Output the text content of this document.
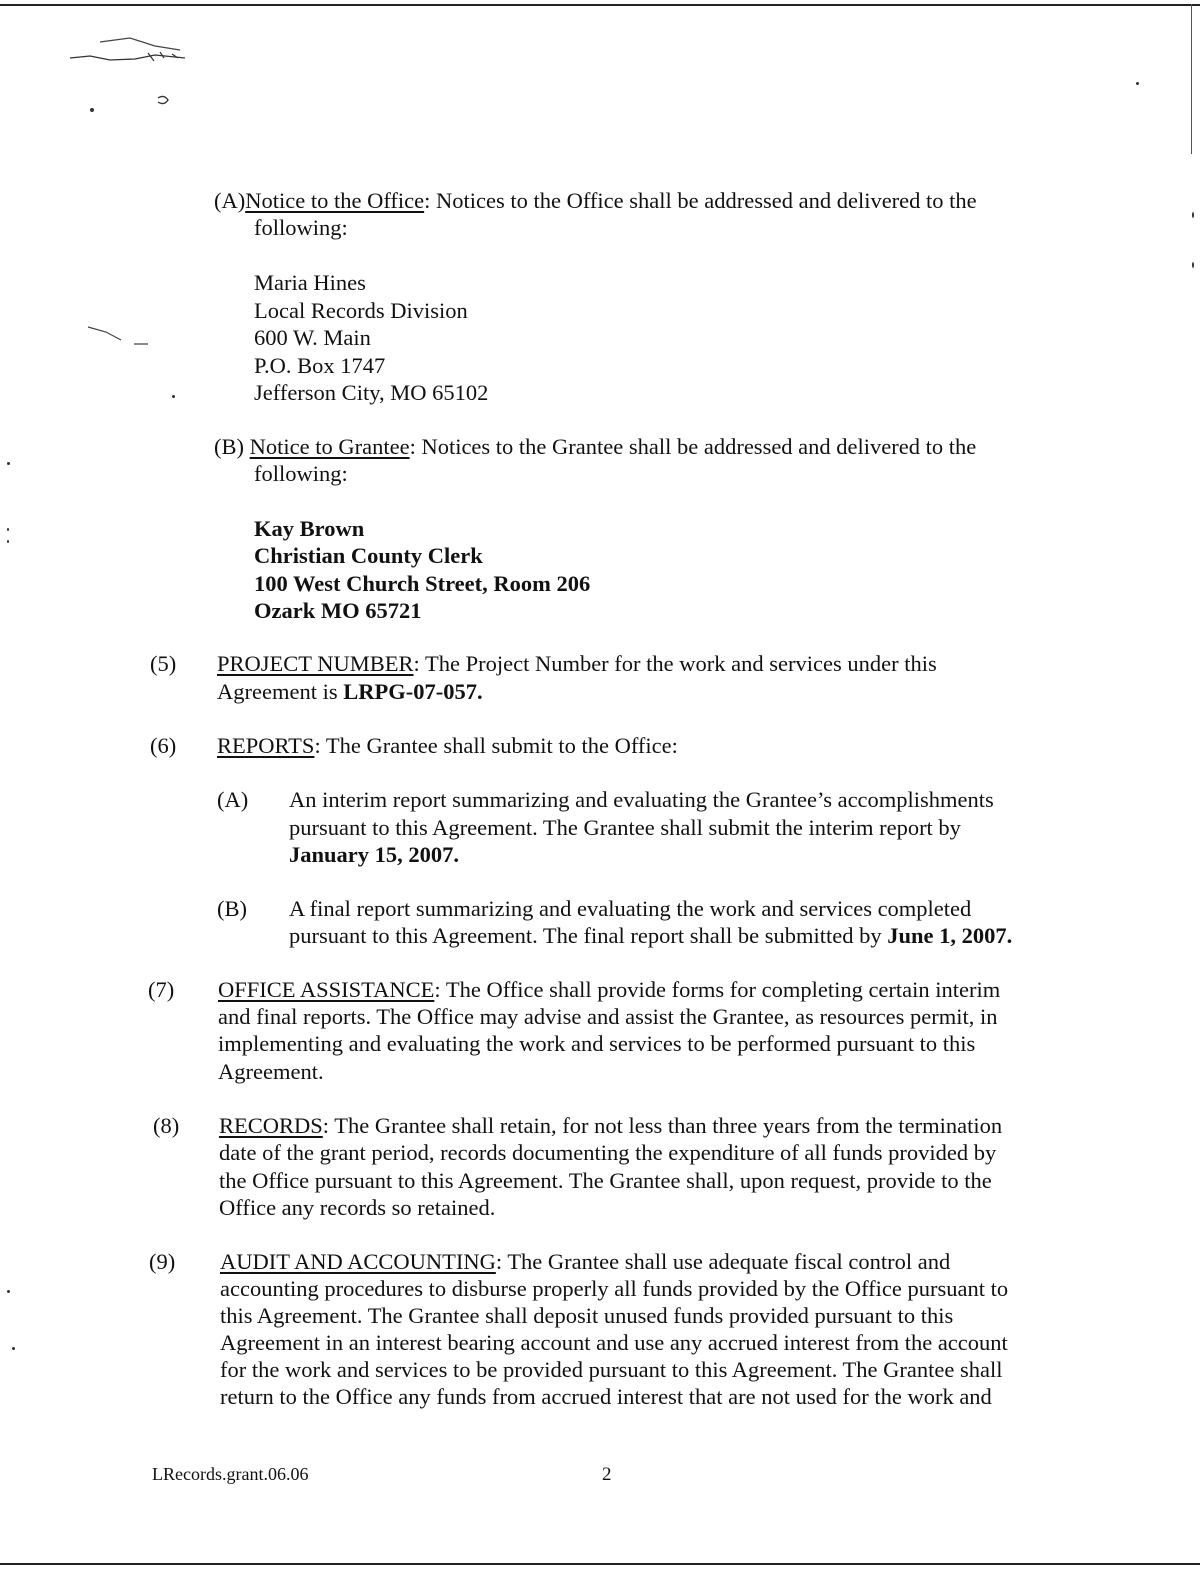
(A)Notice to the Office: Notices to the Office shall be addressed and delivered to the
following:
Maria Hines
Local Records Division
600 W. Main
P.O. Box 1747
Jefferson City, MO 65102
(B) Notice to Grantee: Notices to the Grantee shall be addressed and delivered to the
following:
Kay Brown
Christian County Clerk
100 West Church Street, Room 206
Ozark MO 65721
(5) PROJECT NUMBER: The Project Number for the work and services under this
Agreement is LRPG-07-057.
(6) REPORTS: The Grantee shall submit to the Office:
(A) An interim report summarizing and evaluating the Grantee’s accomplishments
pursuant to this Agreement. The Grantee shall submit the interim report by
January 15, 2007.
(B) A final report summarizing and evaluating the work and services completed
pursuant to this Agreement. The final report shall be submitted by June 1, 2007.
(7) OFFICE ASSISTANCE: The Office shall provide forms for completing certain interim
and final reports. The Office may advise and assist the Grantee, as resources permit, in
implementing and evaluating the work and services to be performed pursuant to this
Agreement.
(8) RECORDS: The Grantee shall retain, for not less than three years from the termination
date of the grant period, records documenting the expenditure of all funds provided by
the Office pursuant to this Agreement. The Grantee shall, upon request, provide to the
Office any records so retained.
(9) AUDIT AND ACCOUNTING: The Grantee shall use adequate fiscal control and
accounting procedures to disburse properly all funds provided by the Office pursuant to
this Agreement. The Grantee shall deposit unused funds provided pursuant to this
Agreement in an interest bearing account and use any accrued interest from the account
for the work and services to be provided pursuant to this Agreement. The Grantee shall
return to the Office any funds from accrued interest that are not used for the work and
LRecords.grant.06.06	2
